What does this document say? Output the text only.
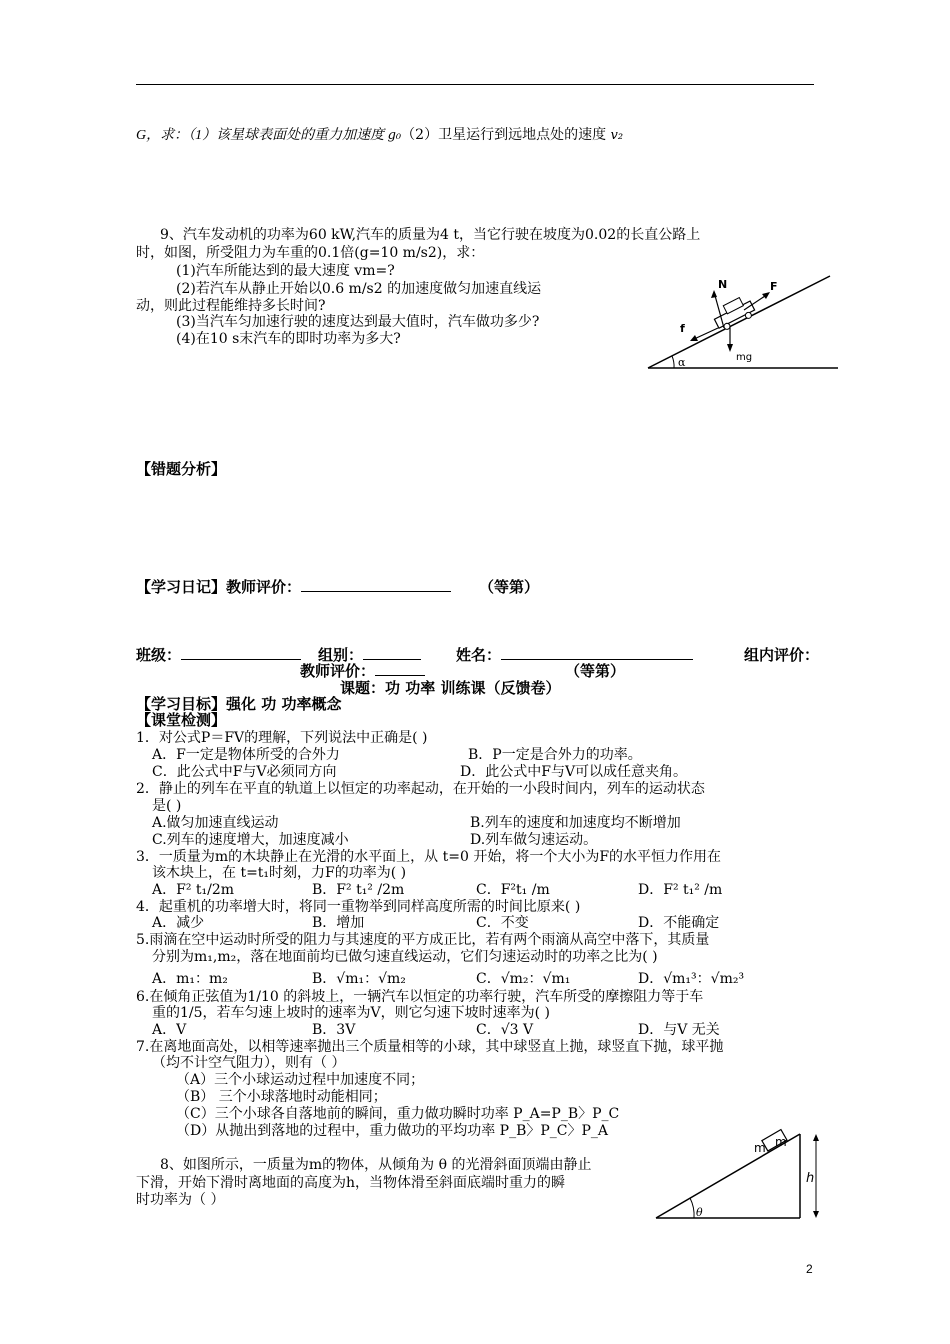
G，求：（1）该星球表面处的重力加速度 g₀（2）卫星运行到远地点处的速度 v₂
9、汽车发动机的功率为60 kW,汽车的质量为4 t，当它行驶在坡度为0.02的长直公路上
时，如图，所受阻力为车重的0.1倍(g=10 m/s2)，求：
(1)汽车所能达到的最大速度 vm=?
(2)若汽车从静止开始以0.6 m/s2 的加速度做匀加速直线运
动，则此过程能维持多长时间?
(3)当汽车匀加速行驶的速度达到最大值时，汽车做功多少?
(4)在10 s末汽车的即时功率为多大?
N	F
f
mg
α
【错题分析】
【学习日记】教师评价：	（等第）
班级：	组别：	姓名：	组内评价：
教师评价：	（等第）
课题：功 功率 训练课（反馈卷）
【学习目标】强化 功 功率概念
【课堂检测】
1．对公式P＝FV的理解，下列说法中正确是( )
A．F一定是物体所受的合外力	B．P一定是合外力的功率。
C．此公式中F与V必须同方向	D．此公式中F与V可以成任意夹角。
2．静止的列车在平直的轨道上以恒定的功率起动，在开始的一小段时间内，列车的运动状态
是( )
A.做匀加速直线运动	B.列车的速度和加速度均不断增加
C.列车的速度增大，加速度减小	D.列车做匀速运动。
3．一质量为m的木块静止在光滑的水平面上，从 t=0 开始，将一个大小为F的水平恒力作用在
该木块上，在 t=t₁时刻，力F的功率为( )
A．F² t₁/2m	B．F² t₁² /2m	C．F²t₁ /m	D．F² t₁² /m
4．起重机的功率增大时，将同一重物举到同样高度所需的时间比原来( )
A．减少	B．增加	C．不变	D．不能确定
5.雨滴在空中运动时所受的阻力与其速度的平方成正比，若有两个雨滴从高空中落下，其质量
分别为m₁,m₂，落在地面前均已做匀速直线运动，它们匀速运动时的功率之比为( )
A．m₁：m₂	B．√m₁：√m₂	C．√m₂：√m₁	D．√m₁³：√m₂³
6.在倾角正弦值为1/10 的斜坡上，一辆汽车以恒定的功率行驶，汽车所受的摩擦阻力等于车
重的1/5，若车匀速上坡时的速率为V，则它匀速下坡时速率为( )
A．V	B．3V	C．√3 V	D．与V 无关
7.在离地面高处，以相等速率抛出三个质量相等的小球，其中球竖直上抛，球竖直下抛，球平抛
（均不计空气阻力），则有（ ）
（A）三个小球运动过程中加速度不同；
（B） 三个小球落地时动能相同；
（C）三个小球各自落地前的瞬间，重力做功瞬时功率 P_A=P_B〉P_C
（D）从抛出到落地的过程中，重力做功的平均功率 P_B〉P_C〉P_A
8、如图所示，一质量为m的物体，从倾角为 θ 的光滑斜面顶端由静止
下滑，开始下滑时离地面的高度为h，当物体滑至斜面底端时重力的瞬
时功率为（ ）
m m
h
θ
2
